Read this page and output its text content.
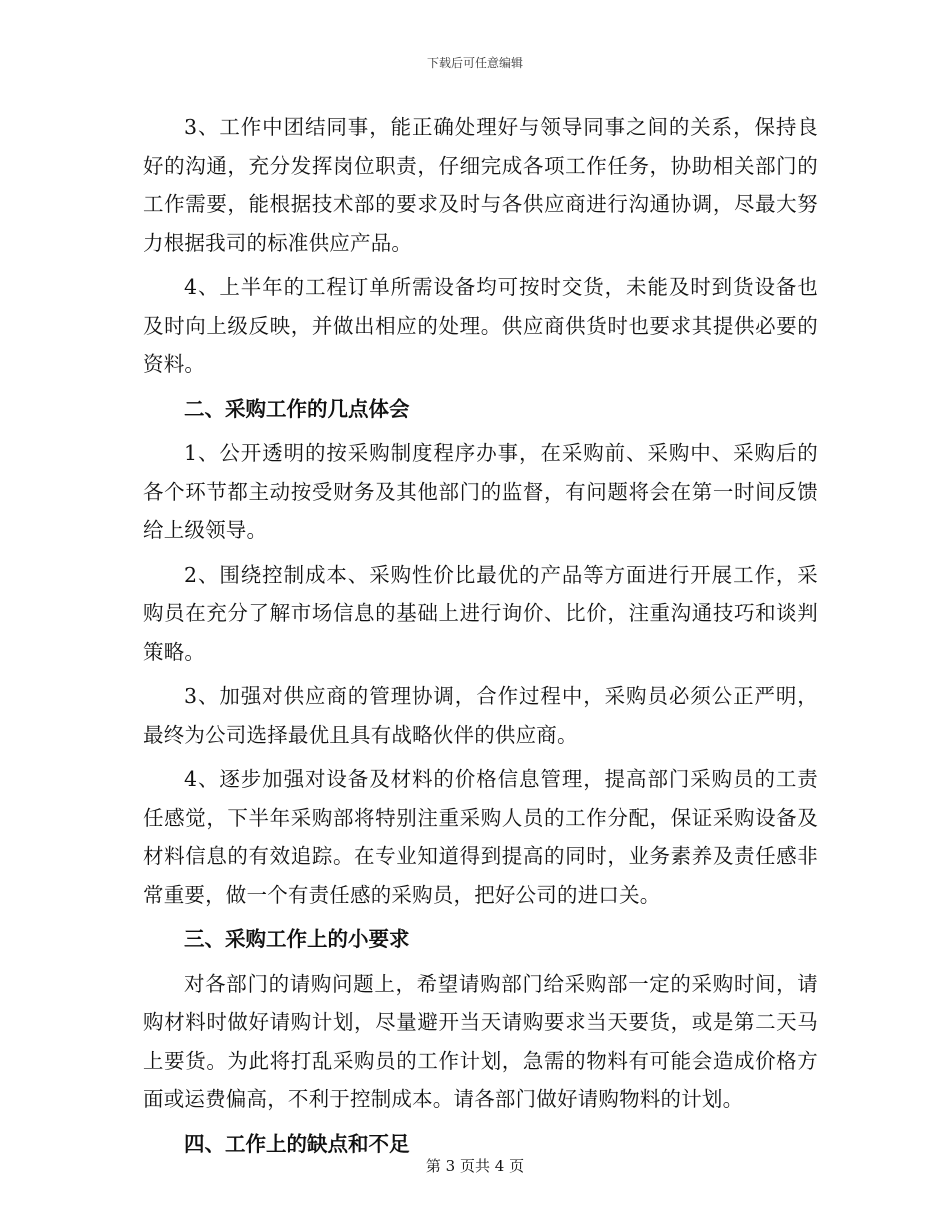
下载后可任意编辑

3、工作中团结同事，能正确处理好与领导同事之间的关系，保持良好的沟通，充分发挥岗位职责，仔细完成各项工作任务，协助相关部门的工作需要，能根据技术部的要求及时与各供应商进行沟通协调，尽最大努力根据我司的标准供应产品。

4、上半年的工程订单所需设备均可按时交货，未能及时到货设备也及时向上级反映，并做出相应的处理。供应商供货时也要求其提供必要的资料。

二、采购工作的几点体会

1、公开透明的按采购制度程序办事，在采购前、采购中、采购后的各个环节都主动按受财务及其他部门的监督，有问题将会在第一时间反馈给上级领导。

2、围绕控制成本、采购性价比最优的产品等方面进行开展工作，采购员在充分了解市场信息的基础上进行询价、比价，注重沟通技巧和谈判策略。

3、加强对供应商的管理协调，合作过程中，采购员必须公正严明，最终为公司选择最优且具有战略伙伴的供应商。

4、逐步加强对设备及材料的价格信息管理，提高部门采购员的工责任感觉，下半年采购部将特别注重采购人员的工作分配，保证采购设备及材料信息的有效追踪。在专业知道得到提高的同时，业务素养及责任感非常重要，做一个有责任感的采购员，把好公司的进口关。

三、采购工作上的小要求

对各部门的请购问题上，希望请购部门给采购部一定的采购时间，请购材料时做好请购计划，尽量避开当天请购要求当天要货，或是第二天马上要货。为此将打乱采购员的工作计划，急需的物料有可能会造成价格方面或运费偏高，不利于控制成本。请各部门做好请购物料的计划。

四、工作上的缺点和不足

第 3 页共 4 页
